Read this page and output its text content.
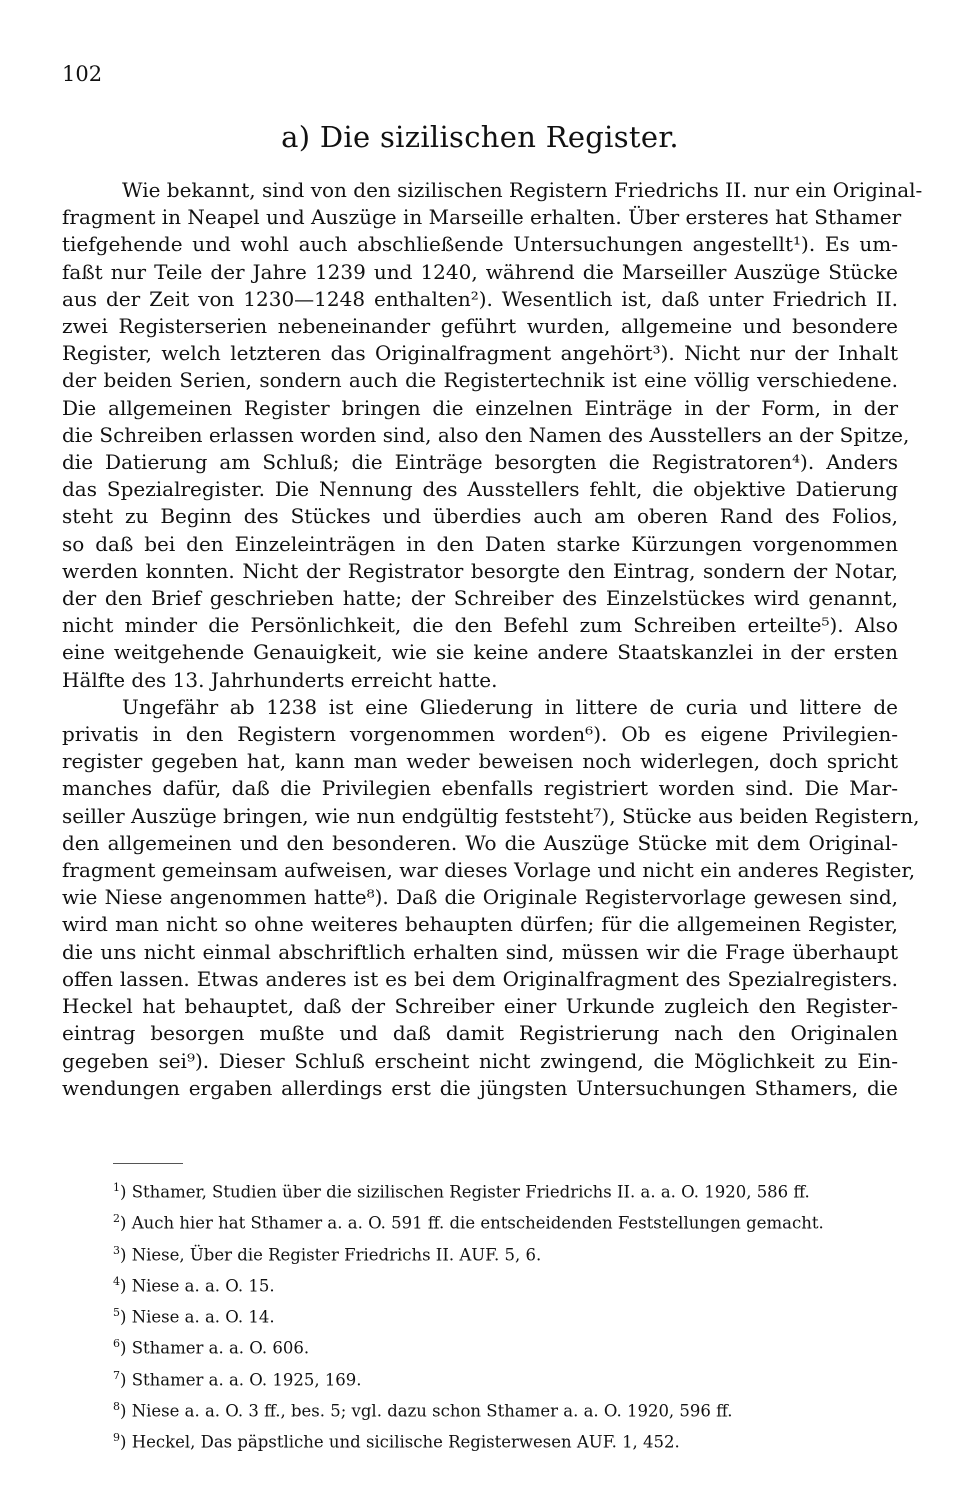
102
a) Die sizilischen Register.
Wie bekannt, sind von den sizilischen Registern Friedrichs II. nur ein Original-
fragment in Neapel und Auszüge in Marseille erhalten. Über ersteres hat Sthamer
tiefgehende und wohl auch abschließende Untersuchungen angestellt¹). Es um-
faßt nur Teile der Jahre 1239 und 1240, während die Marseiller Auszüge Stücke
aus der Zeit von 1230—1248 enthalten²). Wesentlich ist, daß unter Friedrich II.
zwei Registerserien nebeneinander geführt wurden, allgemeine und besondere
Register, welch letzteren das Originalfragment angehört³). Nicht nur der Inhalt
der beiden Serien, sondern auch die Registertechnik ist eine völlig verschiedene.
Die allgemeinen Register bringen die einzelnen Einträge in der Form, in der
die Schreiben erlassen worden sind, also den Namen des Ausstellers an der Spitze,
die Datierung am Schluß; die Einträge besorgten die Registratoren⁴). Anders
das Spezialregister. Die Nennung des Ausstellers fehlt, die objektive Datierung
steht zu Beginn des Stückes und überdies auch am oberen Rand des Folios,
so daß bei den Einzeleinträgen in den Daten starke Kürzungen vorgenommen
werden konnten. Nicht der Registrator besorgte den Eintrag, sondern der Notar,
der den Brief geschrieben hatte; der Schreiber des Einzelstückes wird genannt,
nicht minder die Persönlichkeit, die den Befehl zum Schreiben erteilte⁵). Also
eine weitgehende Genauigkeit, wie sie keine andere Staatskanzlei in der ersten
Hälfte des 13. Jahrhunderts erreicht hatte.
Ungefähr ab 1238 ist eine Gliederung in littere de curia und littere de
privatis in den Registern vorgenommen worden⁶). Ob es eigene Privilegien-
register gegeben hat, kann man weder beweisen noch widerlegen, doch spricht
manches dafür, daß die Privilegien ebenfalls registriert worden sind. Die Mar-
seiller Auszüge bringen, wie nun endgültig feststeht⁷), Stücke aus beiden Registern,
den allgemeinen und den besonderen. Wo die Auszüge Stücke mit dem Original-
fragment gemeinsam aufweisen, war dieses Vorlage und nicht ein anderes Register,
wie Niese angenommen hatte⁸). Daß die Originale Registervorlage gewesen sind,
wird man nicht so ohne weiteres behaupten dürfen; für die allgemeinen Register,
die uns nicht einmal abschriftlich erhalten sind, müssen wir die Frage überhaupt
offen lassen. Etwas anderes ist es bei dem Originalfragment des Spezialregisters.
Heckel hat behauptet, daß der Schreiber einer Urkunde zugleich den Register-
eintrag besorgen mußte und daß damit Registrierung nach den Originalen
gegeben sei⁹). Dieser Schluß erscheint nicht zwingend, die Möglichkeit zu Ein-
wendungen ergaben allerdings erst die jüngsten Untersuchungen Sthamers, die
$^1$) Sthamer, Studien über die sizilischen Register Friedrichs II. a. a. O. 1920, 586 ff.
$^2$) Auch hier hat Sthamer a. a. O. 591 ff. die entscheidenden Feststellungen gemacht.
$^3$) Niese, Über die Register Friedrichs II. AUF. 5, 6.
$^4$) Niese a. a. O. 15.
$^5$) Niese a. a. O. 14.
$^6$) Sthamer a. a. O. 606.
$^7$) Sthamer a. a. O. 1925, 169.
$^8$) Niese a. a. O. 3 ff., bes. 5; vgl. dazu schon Sthamer a. a. O. 1920, 596 ff.
$^9$) Heckel, Das päpstliche und sicilische Registerwesen AUF. 1, 452.
